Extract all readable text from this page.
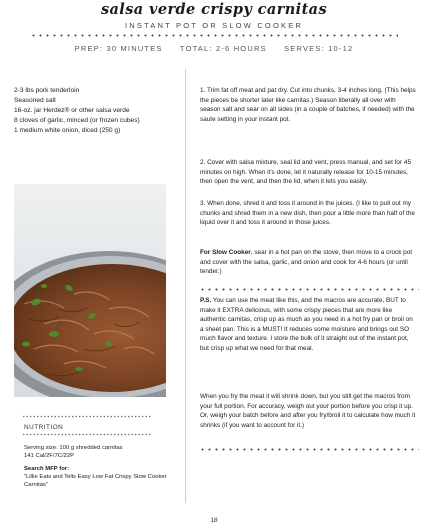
salsa verde crispy carnitas
INSTANT POT OR SLOW COOKER
PREP: 30 MINUTES TOTAL: 2-6 HOURS SERVES: 10-12
2-3 lbs pork tenderloin
Seasoned salt
16-oz. jar Herdez® or other salsa verde
8 cloves of garlic, minced (or frozen cubes)
1 medium white onion, diced (250 g)
NUTRITION
Serving size: 100 g shredded carnitas
141 Cal/2F/7C/22P
Search MFP for:
“Lillie Eats and Tells Easy Low Fat Crispy Slow Cooker Carnitas”
1. Trim fat off meat and pat dry. Cut into chunks, 3-4 inches long. (This helps the pieces be shorter later like carnitas.) Season liberally all over with season salt and sear on all sides (in a couple of batches, if needed) with the saute setting in your instant pot.
2. Cover with salsa mixture, seal lid and vent, press manual, and set for 45 minutes on high. When it's done, let it naturally release for 10-15 minutes, then open the vent, and then the lid, when it lets you easily.
3. When done, shred it and toss it around in the juices. (I like to pull out my chunks and shred them in a new dish, then pour a little more than half of the liquid over it and toss it around in those juices.
For Slow Cooker, sear in a hot pan on the stove, then move to a crock pot and cover with the salsa, garlic, and onion and cook for 4-6 hours (or until tender.)
P.S. You can use the meat like this, and the macros are accurate, BUT to make it EXTRA delicious, with some crispy pieces that are more like authentic carnitas, crisp up as much as you need in a hot fry pan or broil on a sheet pan. This is a MUST! It reduces some moisture and brings out SO much flavor and texture. I store the bulk of it straight out of the instant pot, but crisp up what we need for that meal.
When you fry the meat it will shrink down, but you still get the macros from your full portion. For accuracy, weigh out your portion before you crisp it up. Or, weigh your batch before and after you fry/broil it to calculate how much it shrinks (if you want to account for it.)
18
